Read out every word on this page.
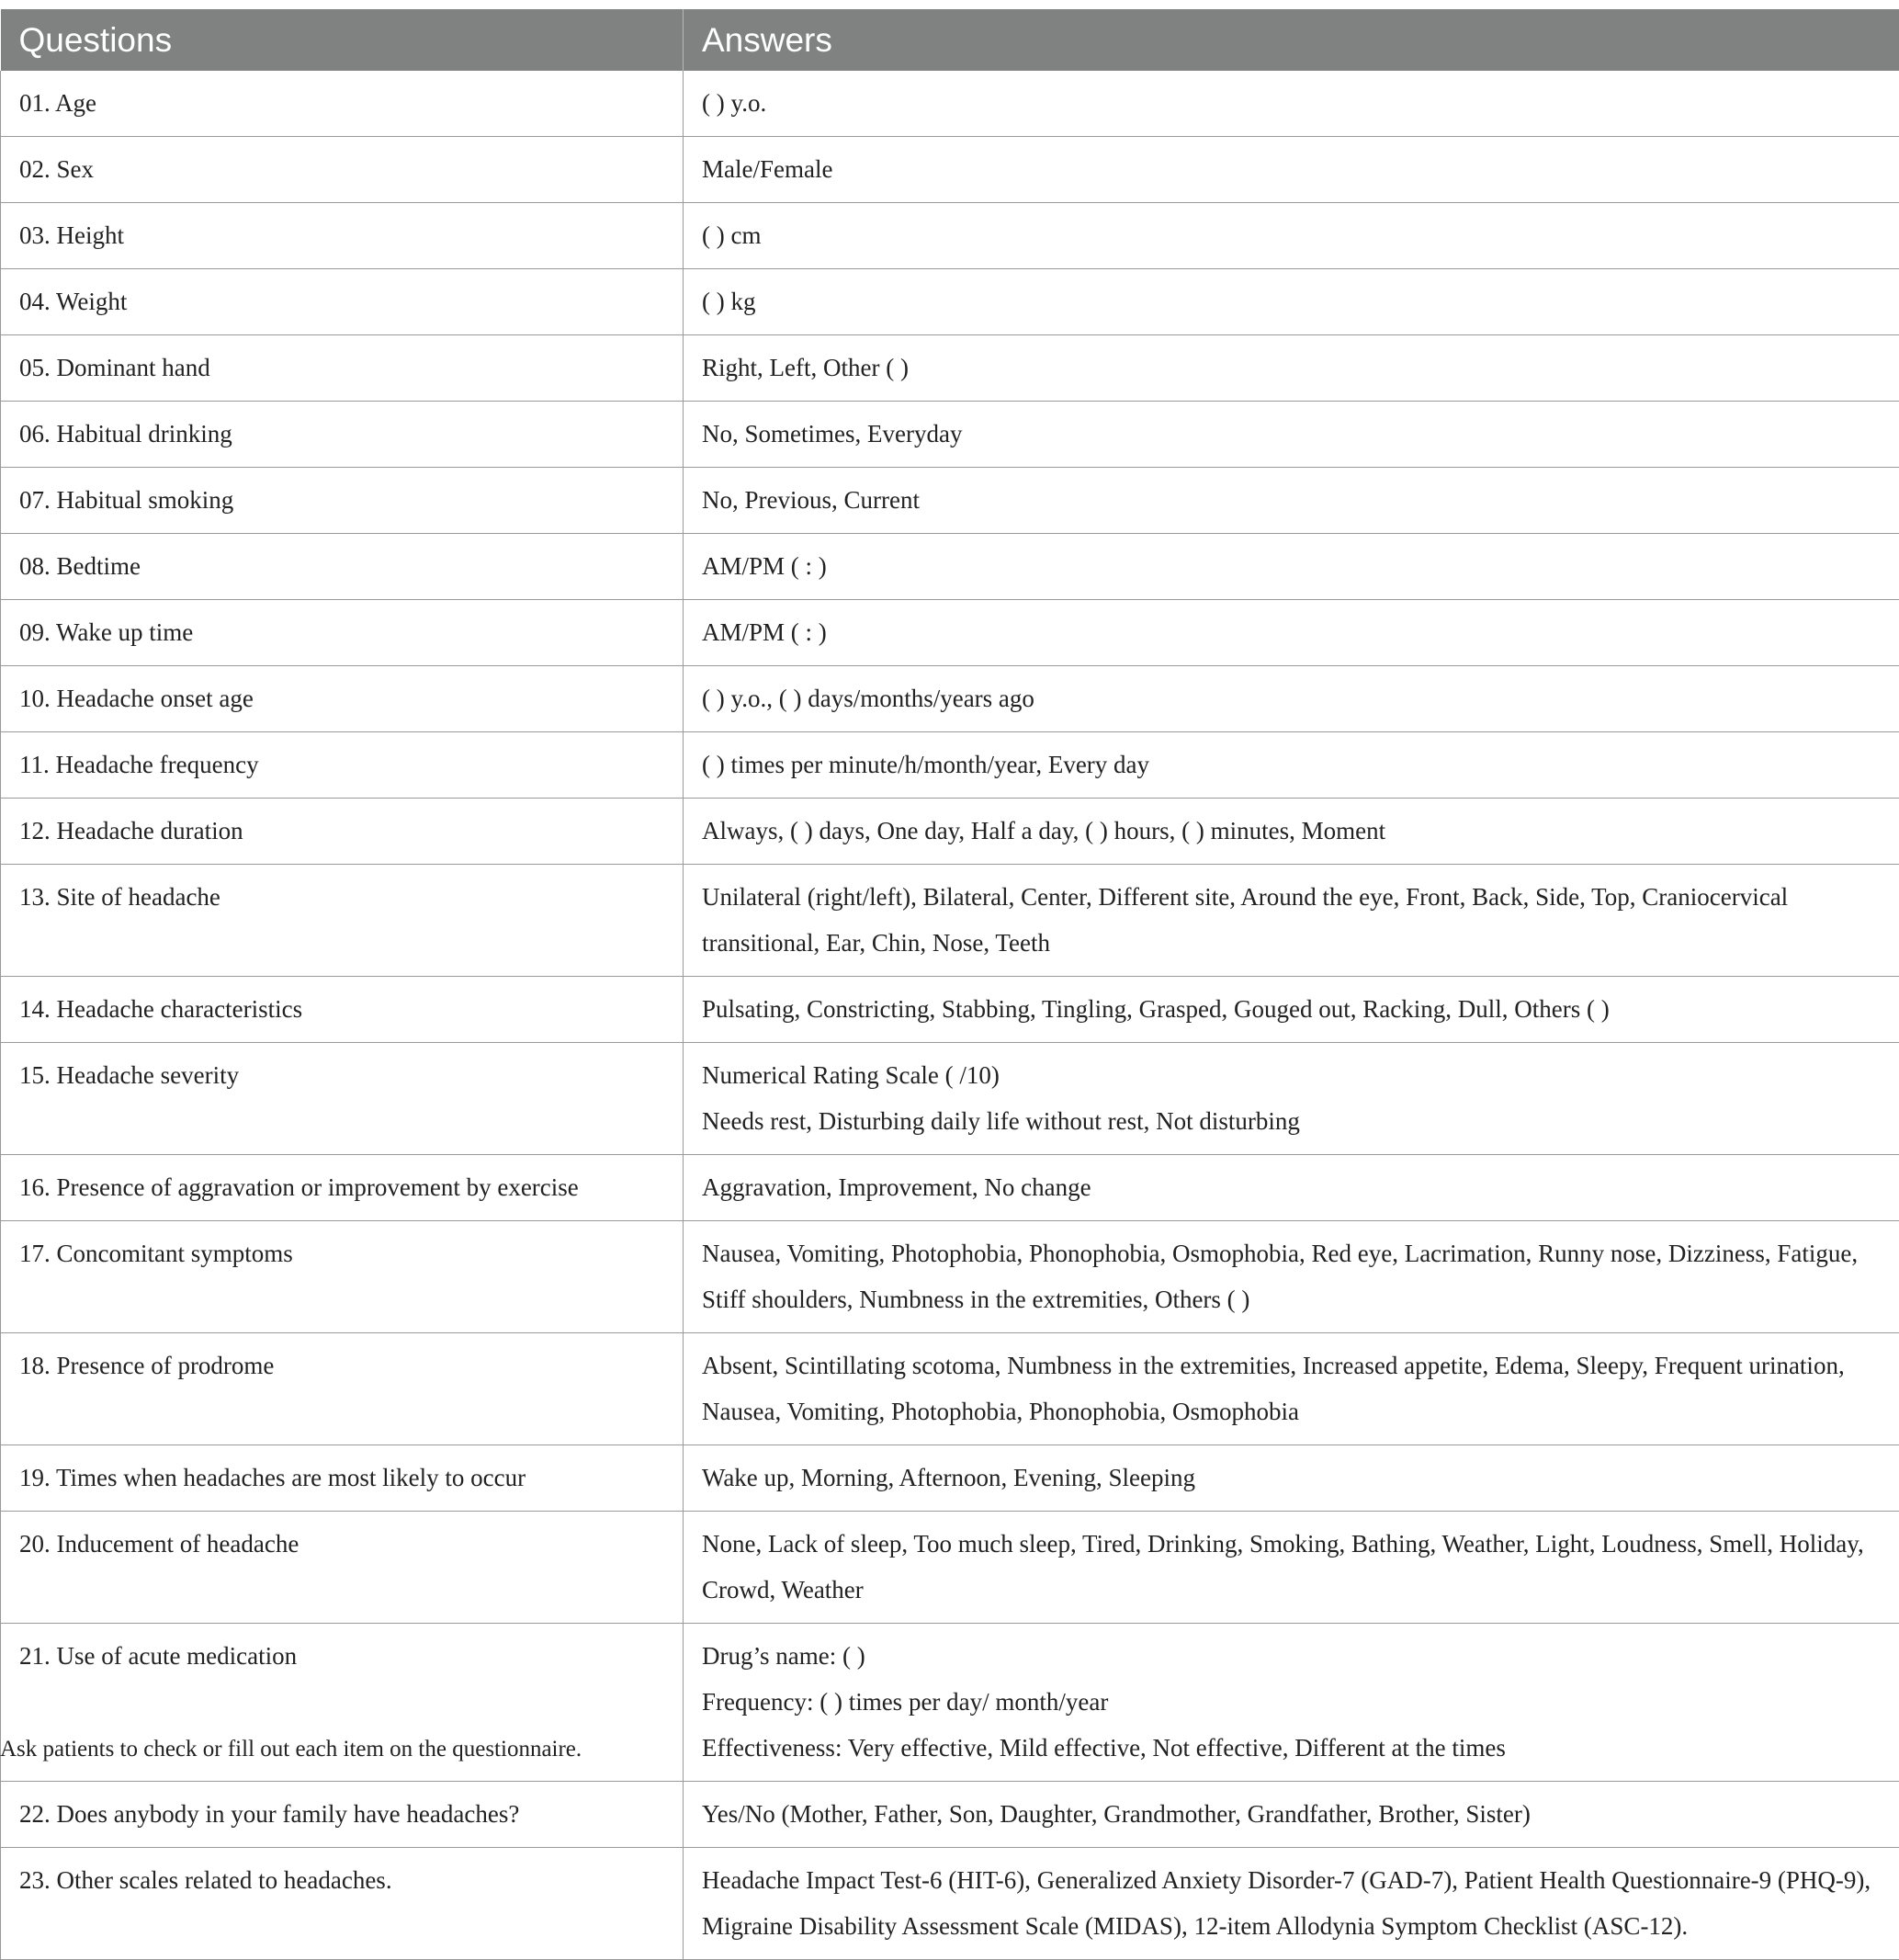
Questions	Answers
01. Age	( ) y.o.

02. Sex	Male/Female

03. Height	( ) cm

04. Weight	( ) kg

05. Dominant hand	Right, Left, Other ( )

06. Habitual drinking	No, Sometimes, Everyday

07. Habitual smoking	No, Previous, Current

08. Bedtime	AM/PM ( : )

09. Wake up time	AM/PM ( : )

10. Headache onset age	( ) y.o., ( ) days/months/years ago

11. Headache frequency	( ) times per minute/h/month/year, Every day

12. Headache duration	Always, ( ) days, One day, Half a day, ( ) hours, ( ) minutes, Moment

13. Site of headache	Unilateral (right/left), Bilateral, Center, Different site, Around the eye, Front, Back, Side, Top, Craniocervical transitional, Ear, Chin, Nose, Teeth

14. Headache characteristics	Pulsating, Constricting, Stabbing, Tingling, Grasped, Gouged out, Racking, Dull, Others ( )

15. Headache severity	Numerical Rating Scale ( /10)
Needs rest, Disturbing daily life without rest, Not disturbing

16. Presence of aggravation or improvement by exercise	Aggravation, Improvement, No change

17. Concomitant symptoms	Nausea, Vomiting, Photophobia, Phonophobia, Osmophobia, Red eye, Lacrimation, Runny nose, Dizziness, Fatigue, Stiff shoulders, Numbness in the extremities, Others ( )

18. Presence of prodrome	Absent, Scintillating scotoma, Numbness in the extremities, Increased appetite, Edema, Sleepy, Frequent urination, Nausea, Vomiting, Photophobia, Phonophobia, Osmophobia

19. Times when headaches are most likely to occur	Wake up, Morning, Afternoon, Evening, Sleeping

20. Inducement of headache	None, Lack of sleep, Too much sleep, Tired, Drinking, Smoking, Bathing, Weather, Light, Loudness, Smell, Holiday, Crowd, Weather

21. Use of acute medication	Drug’s name: ( )
Frequency: ( ) times per day/ month/year
Effectiveness: Very effective, Mild effective, Not effective, Different at the times

22. Does anybody in your family have headaches?	Yes/No (Mother, Father, Son, Daughter, Grandmother, Grandfather, Brother, Sister)

23. Other scales related to headaches.	Headache Impact Test-6 (HIT-6), Generalized Anxiety Disorder-7 (GAD-7), Patient Health Questionnaire-9 (PHQ-9), Migraine Disability Assessment Scale (MIDAS), 12-item Allodynia Symptom Checklist (ASC-12).

Ask patients to check or fill out each item on the questionnaire.
